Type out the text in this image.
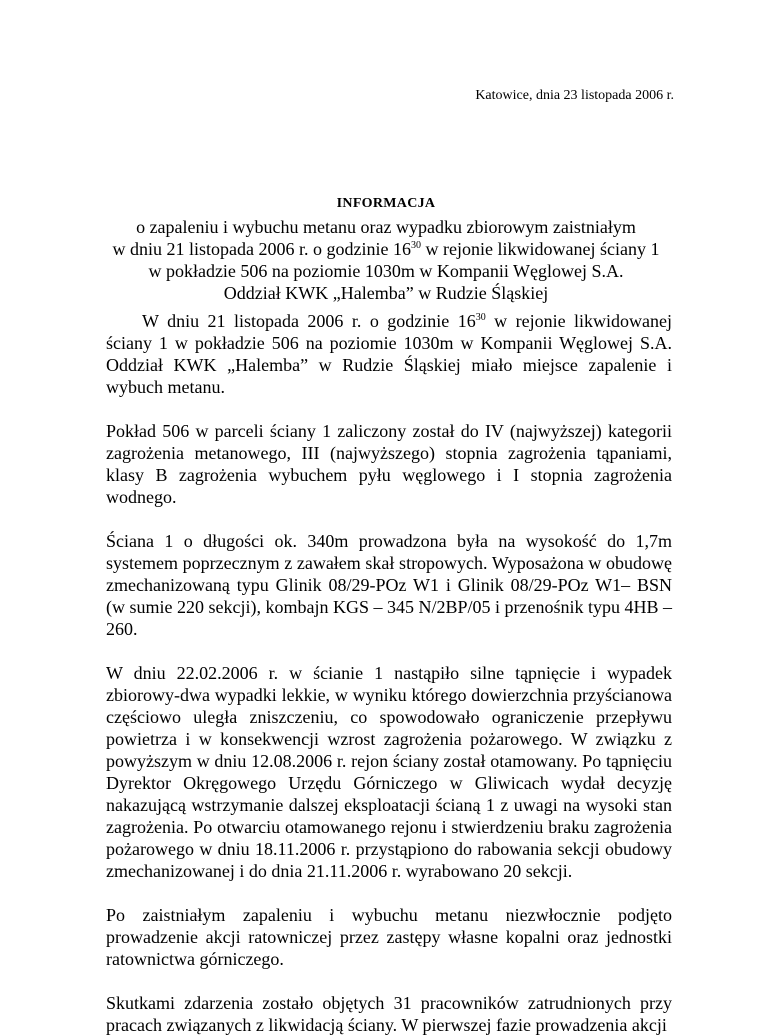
Katowice, dnia 23 listopada 2006 r.
INFORMACJA
o zapaleniu i wybuchu metanu oraz wypadku zbiorowym zaistniałym
w dniu 21 listopada 2006 r. o godzinie $16^{30}$ w rejonie likwidowanej ściany 1
w pokładzie 506 na poziomie 1030m w Kompanii Węglowej S.A.
Oddział KWK „Halemba” w Rudzie Śląskiej

W dniu 21 listopada 2006 r. o godzinie $16^{30}$ w rejonie likwidowanej ściany 1 w pokładzie 506 na poziomie 1030m w Kompanii Węglowej S.A. Oddział KWK „Halemba” w Rudzie Śląskiej miało miejsce zapalenie i wybuch metanu.

Pokład 506 w parceli ściany 1 zaliczony został do IV (najwyższej) kategorii zagrożenia metanowego, III (najwyższego) stopnia zagrożenia tąpaniami, klasy B zagrożenia wybuchem pyłu węglowego i I stopnia zagrożenia wodnego.

Ściana 1 o długości ok. 340m prowadzona była na wysokość do 1,7m systemem poprzecznym z zawałem skał stropowych. Wyposażona w obudowę zmechanizowaną typu Glinik 08/29-POz W1 i Glinik 08/29-POz W1– BSN (w sumie 220 sekcji), kombajn KGS – 345 N/2BP/05 i przenośnik typu 4HB – 260.

W dniu 22.02.2006 r. w ścianie 1 nastąpiło silne tąpnięcie i wypadek zbiorowy-dwa wypadki lekkie, w wyniku którego dowierzchnia przyścianowa częściowo uległa zniszczeniu, co spowodowało ograniczenie przepływu powietrza i w konsekwencji wzrost zagrożenia pożarowego. W związku z powyższym w dniu 12.08.2006 r. rejon ściany został otamowany. Po tąpnięciu Dyrektor Okręgowego Urzędu Górniczego w Gliwicach wydał decyzję nakazującą wstrzymanie dalszej eksploatacji ścianą 1 z uwagi na wysoki stan zagrożenia. Po otwarciu otamowanego rejonu i stwierdzeniu braku zagrożenia pożarowego w dniu 18.11.2006 r. przystąpiono do rabowania sekcji obudowy zmechanizowanej i do dnia 21.11.2006 r. wyrabowano 20 sekcji.

Po zaistniałym zapaleniu i wybuchu metanu niezwłocznie podjęto prowadzenie akcji ratowniczej przez zastępy własne kopalni oraz jednostki ratownictwa górniczego.

Skutkami zdarzenia zostało objętych 31 pracowników zatrudnionych przy pracach związanych z likwidacją ściany. W pierwszej fazie prowadzenia akcji
